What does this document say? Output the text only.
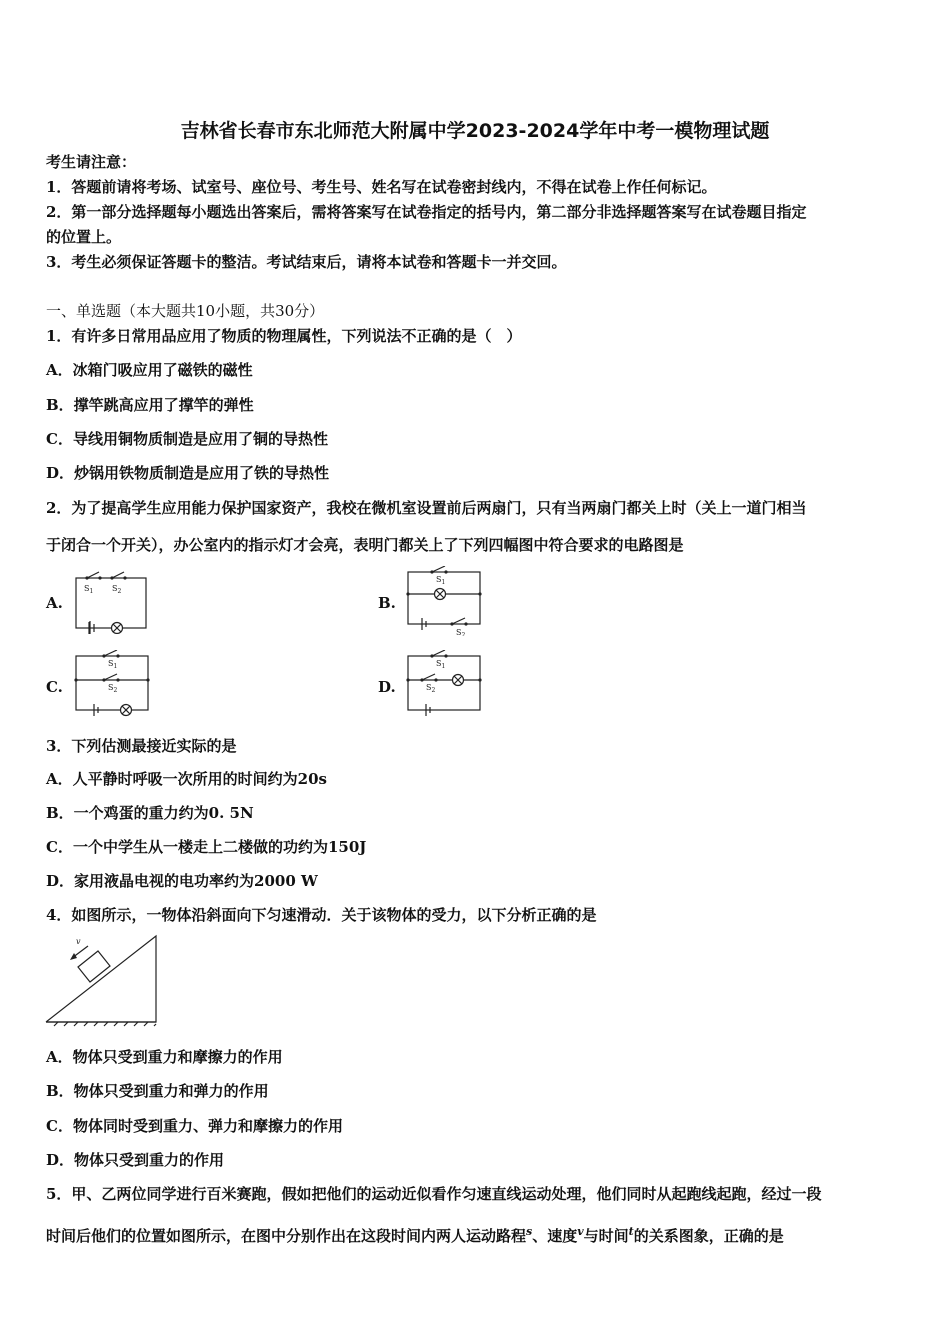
吉林省长春市东北师范大附属中学2023-2024学年中考一模物理试题
考生请注意：
1．答题前请将考场、试室号、座位号、考生号、姓名写在试卷密封线内，不得在试卷上作任何标记。
2．第一部分选择题每小题选出答案后，需将答案写在试卷指定的括号内，第二部分非选择题答案写在试卷题目指定
的位置上。
3．考生必须保证答题卡的整洁。考试结束后，请将本试卷和答题卡一并交回。
一、单选题（本大题共10小题，共30分）
1．有许多日常用品应用了物质的物理属性，下列说法不正确的是（　）
A．冰箱门吸应用了磁铁的磁性
B．撑竿跳高应用了撑竿的弹性
C．导线用铜物质制造是应用了铜的导热性
D．炒锅用铁物质制造是应用了铁的导热性
2．为了提高学生应用能力保护国家资产，我校在微机室设置前后两扇门，只有当两扇门都关上时（关上一道门相当
于闭合一个开关），办公室内的指示灯才会亮，表明门都关上了下列四幅图中符合要求的电路图是
A.
$S_1$ $S_2$
B.
$S_1$
$S_2$
C.
$S_1$
$S_2$	D.
$S_1$
$S_2$
3．下列估测最接近实际的是
A．人平静时呼吸一次所用的时间约为20s
B．一个鸡蛋的重力约为0. 5N
C．一个中学生从一楼走上二楼做的功约为150J
D．家用液晶电视的电功率约为2000 W
4．如图所示，一物体沿斜面向下匀速滑动．关于该物体的受力，以下分析正确的是
v
A．物体只受到重力和摩擦力的作用
B．物体只受到重力和弹力的作用
C．物体同时受到重力、弹力和摩擦力的作用
D．物体只受到重力的作用
5．甲、乙两位同学进行百米赛跑，假如把他们的运动近似看作匀速直线运动处理，他们同时从起跑线起跑，经过一段
时间后他们的位置如图所示，在图中分别作出在这段时间内两人运动路程$^s$、速度$^v$与时间$^t$的关系图象，正确的是
